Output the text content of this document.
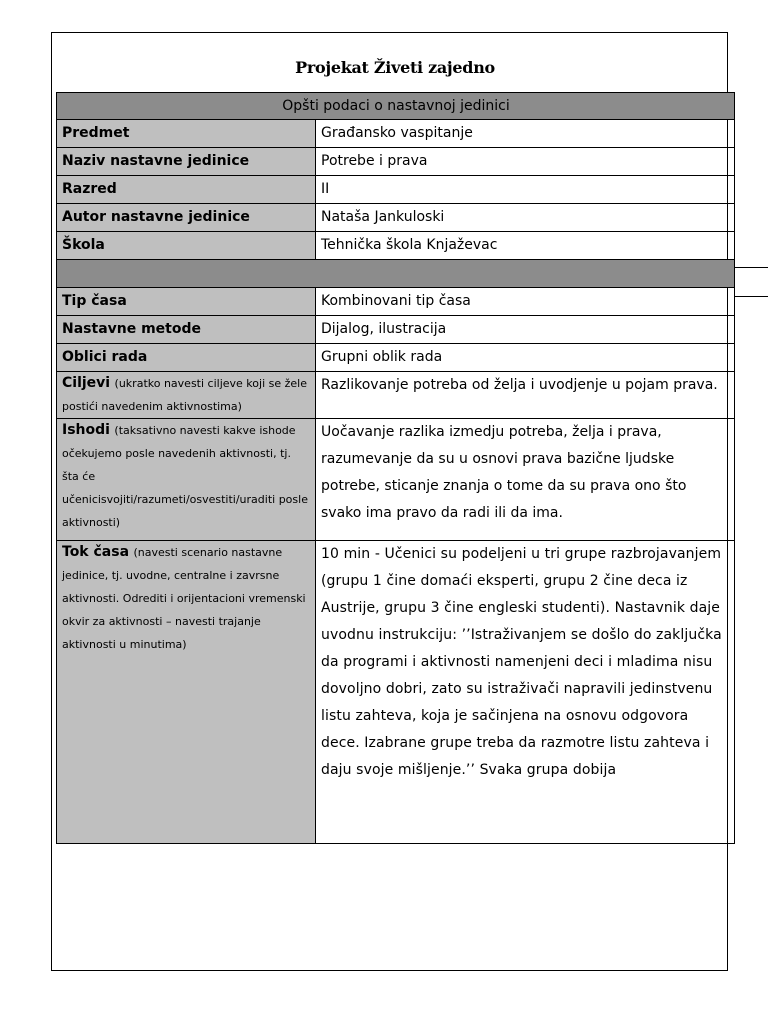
Projekat Živeti zajedno
Opšti podaci o nastavnoj jedinici	
Predmet	Građansko vaspitanje
Naziv nastavne jedinice	Potrebe i prava
Razred	II
Autor nastavne jedinice	Nataša Jankuloski
Škola	Tehnička škola Knjaževac

Tip časa	Kombinovani tip časa
Nastavne metode	Dijalog, ilustracija
Oblici rada	Grupni oblik rada
Ciljevi (ukratko navesti ciljeve koji se žele postići navedenim aktivnostima)	Razlikovanje potreba od želja i uvodjenje u pojam prava.
Ishodi (taksativno navesti kakve ishode očekujemo posle navedenih aktivnosti, tj. šta će učenicisvojiti/razumeti/osvestiti/uraditi posle aktivnosti)	Uočavanje razlika izmedju potreba, želja i prava, razumevanje da su u osnovi prava bazične ljudske potrebe, sticanje znanja o tome da su prava ono što svako ima pravo da radi ili da ima.
Tok časa (navesti scenario nastavne jedinice, tj. uvodne, centralne i zavrsne aktivnosti. Odrediti i orijentacioni vremenski okvir za aktivnosti – navesti trajanje aktivnosti u minutima)	10 min - Učenici su podeljeni u tri grupe razbrojavanjem (grupu 1 čine domaći eksperti, grupu 2 čine deca iz Austrije, grupu 3 čine engleski studenti). Nastavnik daje uvodnu instrukciju: ’’Istraživanjem se došlo do zaključka da programi i aktivnosti namenjeni deci i mladima nisu dovoljno dobri, zato su istraživači napravili jedinstvenu listu zahteva, koja je sačinjena na osnovu odgovora dece. Izabrane grupe treba da razmotre listu zahteva i daju svoje mišljenje.’’ Svaka grupa dobija
